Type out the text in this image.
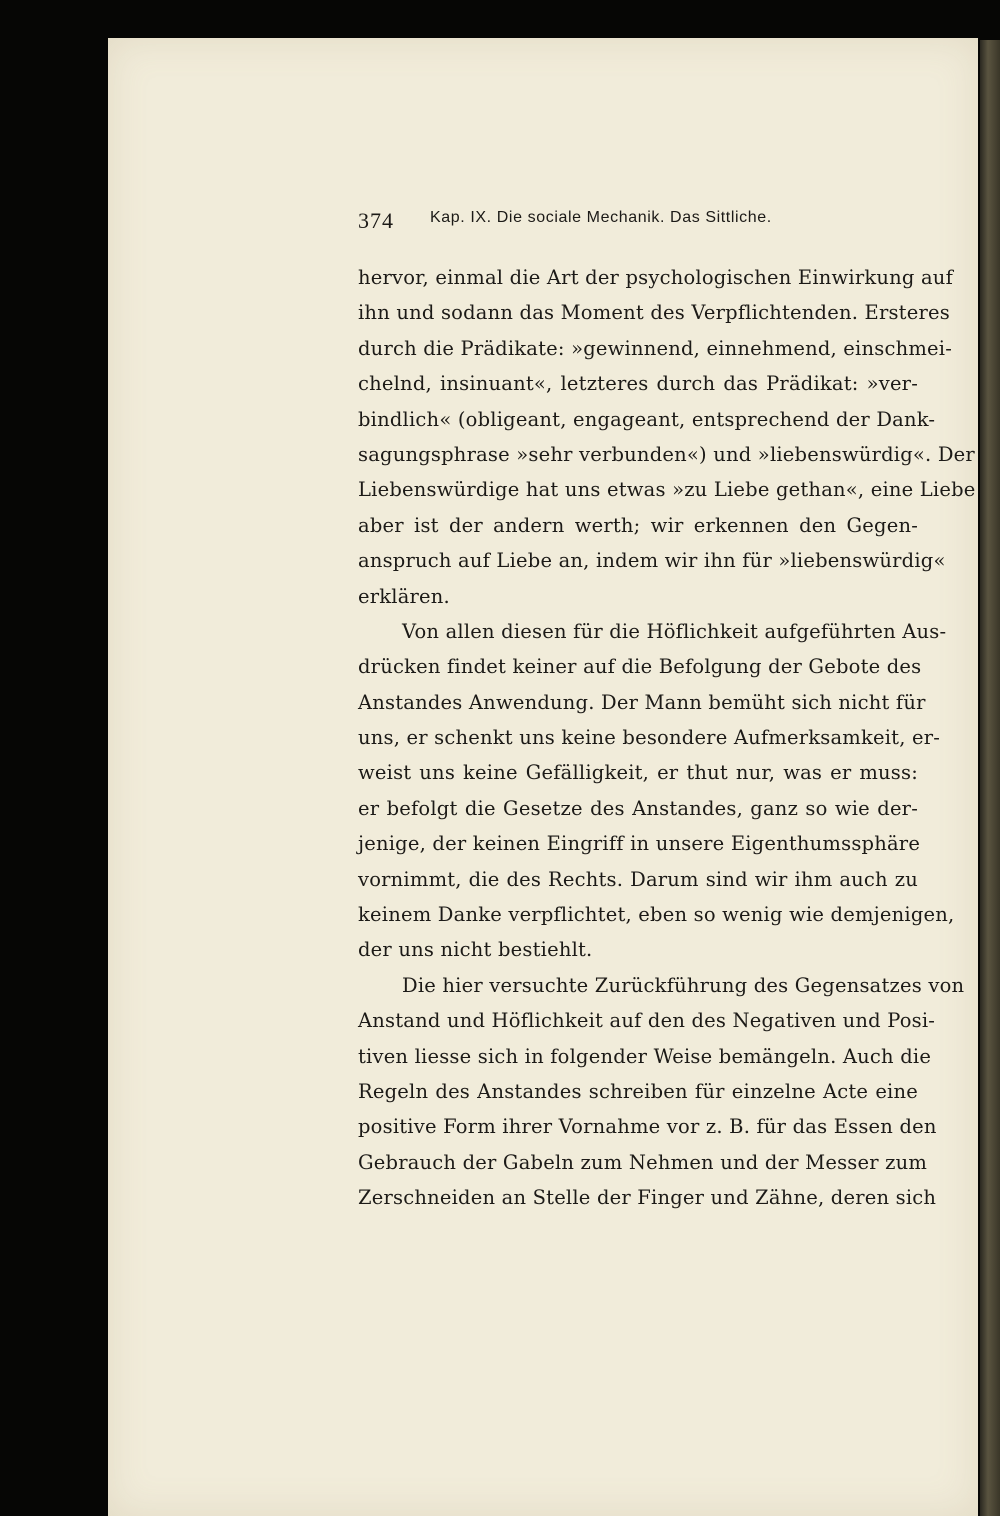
374 Kap. IX. Die sociale Mechanik. Das Sittliche.
hervor, einmal die Art der psychologischen Einwirkung auf
ihn und sodann das Moment des Verpflichtenden. Ersteres
durch die Prädikate: »gewinnend, einnehmend, einschmei-
chelnd, insinuant«, letzteres durch das Prädikat: »ver-
bindlich« (obligeant, engageant, entsprechend der Dank-
sagungsphrase »sehr verbunden«) und »liebenswürdig«. Der
Liebenswürdige hat uns etwas »zu Liebe gethan«, eine Liebe
aber ist der andern werth; wir erkennen den Gegen-
anspruch auf Liebe an, indem wir ihn für »liebenswürdig«
erklären.
Von allen diesen für die Höflichkeit aufgeführten Aus-
drücken findet keiner auf die Befolgung der Gebote des
Anstandes Anwendung. Der Mann bemüht sich nicht für
uns, er schenkt uns keine besondere Aufmerksamkeit, er-
weist uns keine Gefälligkeit, er thut nur, was er muss:
er befolgt die Gesetze des Anstandes, ganz so wie der-
jenige, der keinen Eingriff in unsere Eigenthumssphäre
vornimmt, die des Rechts. Darum sind wir ihm auch zu
keinem Danke verpflichtet, eben so wenig wie demjenigen,
der uns nicht bestiehlt.
Die hier versuchte Zurückführung des Gegensatzes von
Anstand und Höflichkeit auf den des Negativen und Posi-
tiven liesse sich in folgender Weise bemängeln. Auch die
Regeln des Anstandes schreiben für einzelne Acte eine
positive Form ihrer Vornahme vor z. B. für das Essen den
Gebrauch der Gabeln zum Nehmen und der Messer zum
Zerschneiden an Stelle der Finger und Zähne, deren sich
